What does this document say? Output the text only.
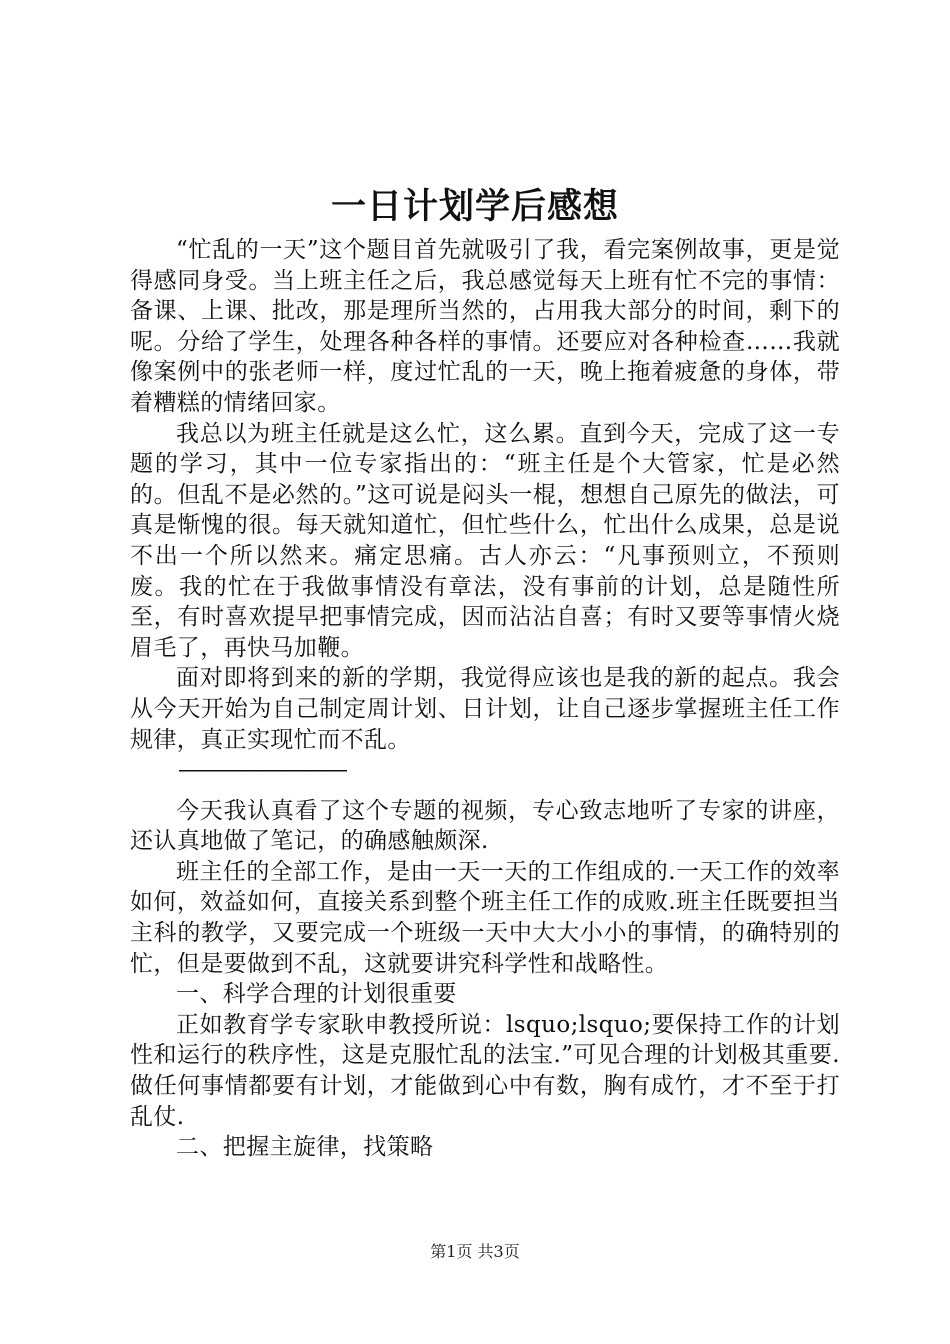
一日计划学后感想

“忙乱的一天”这个题目首先就吸引了我，看完案例故事，更是觉得感同身受。当上班主任之后，我总感觉每天上班有忙不完的事情：备课、上课、批改，那是理所当然的，占用我大部分的时间，剩下的呢。分给了学生，处理各种各样的事情。还要应对各种检查……我就像案例中的张老师一样，度过忙乱的一天，晚上拖着疲惫的身体，带着糟糕的情绪回家。

我总以为班主任就是这么忙，这么累。直到今天，完成了这一专题的学习，其中一位专家指出的：“班主任是个大管家，忙是必然的。但乱不是必然的。”这可说是闷头一棍，想想自己原先的做法，可真是惭愧的很。每天就知道忙，但忙些什么，忙出什么成果，总是说不出一个所以然来。痛定思痛。古人亦云：“凡事预则立，不预则废。我的忙在于我做事情没有章法，没有事前的计划，总是随性所至，有时喜欢提早把事情完成，因而沾沾自喜；有时又要等事情火烧眉毛了，再快马加鞭。

面对即将到来的新的学期，我觉得应该也是我的新的起点。我会从今天开始为自己制定周计划、日计划，让自己逐步掌握班主任工作规律，真正实现忙而不乱。

————————

今天我认真看了这个专题的视频，专心致志地听了专家的讲座，还认真地做了笔记，的确感触颇深.

班主任的全部工作，是由一天一天的工作组成的.一天工作的效率如何，效益如何，直接关系到整个班主任工作的成败.班主任既要担当主科的教学，又要完成一个班级一天中大大小小的事情，的确特别的忙，但是要做到不乱，这就要讲究科学性和战略性。

一、科学合理的计划很重要

正如教育学专家耿申教授所说：lsquo;lsquo;要保持工作的计划性和运行的秩序性，这是克服忙乱的法宝.”可见合理的计划极其重要.做任何事情都要有计划，才能做到心中有数，胸有成竹，才不至于打乱仗.

二、把握主旋律，找策略

第1页 共3页
